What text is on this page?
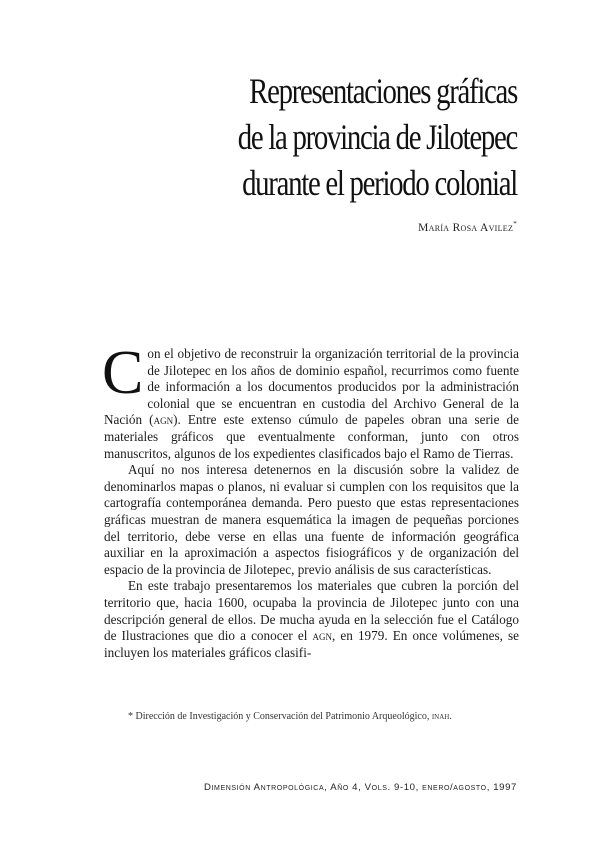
Representaciones gráficas
de la provincia de Jilotepec
durante el periodo colonial
María Rosa Avilez*

Con el objetivo de reconstruir la organización territorial de la provincia de Jilotepec en los años de dominio español, recurrimos como fuente de información a los documentos producidos por la administración colonial que se encuentran en custodia del Archivo General de la Nación (agn). Entre este extenso cúmulo de papeles obran una serie de materiales gráficos que eventualmente conforman, junto con otros manuscritos, algunos de los expedientes clasificados bajo el Ramo de Tierras.

Aquí no nos interesa detenernos en la discusión sobre la validez de denominarlos mapas o planos, ni evaluar si cumplen con los requisitos que la cartografía contemporánea demanda. Pero puesto que estas representaciones gráficas muestran de manera esquemática la imagen de pequeñas porciones del territorio, debe verse en ellas una fuente de información geográfica auxiliar en la aproximación a aspectos fisiográficos y de organización del espacio de la provincia de Jilotepec, previo análisis de sus características.

En este trabajo presentaremos los materiales que cubren la porción del territorio que, hacia 1600, ocupaba la provincia de Jilotepec junto con una descripción general de ellos. De mucha ayuda en la selección fue el Catálogo de Ilustraciones que dio a conocer el agn, en 1979. En once volúmenes, se incluyen los materiales gráficos clasifi-

* Dirección de Investigación y Conservación del Patrimonio Arqueológico, inah.
Dimensión Antropológica, Año 4, Vols. 9-10, enero/agosto, 1997
